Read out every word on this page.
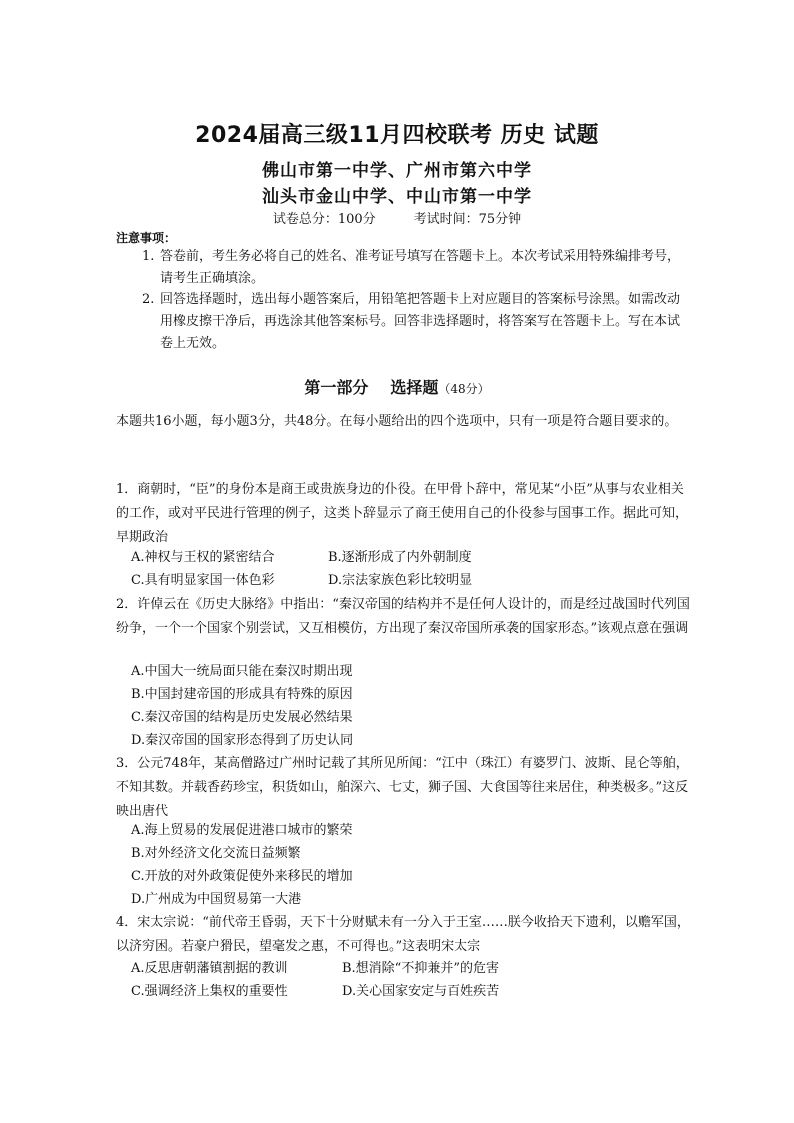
2024届高三级11月四校联考 历史 试题
佛山市第一中学、广州市第六中学
汕头市金山中学、中山市第一中学
试卷总分：100分	考试时间：75分钟
注意事项：
1. 答卷前，考生务必将自己的姓名、准考证号填写在答题卡上。本次考试采用特殊编排考号，请考生正确填涂。
2. 回答选择题时，选出每小题答案后，用铅笔把答题卡上对应题目的答案标号涂黑。如需改动用橡皮擦干净后，再选涂其他答案标号。回答非选择题时，将答案写在答题卡上。写在本试卷上无效。
第一部分 选择题（48分）
本题共16小题，每小题3分，共48分。在每小题给出的四个选项中，只有一项是符合题目要求的。
1．商朝时，“臣”的身份本是商王或贵族身边的仆役。在甲骨卜辞中，常见某“小臣”从事与农业相关的工作，或对平民进行管理的例子，这类卜辞显示了商王使用自己的仆役参与国事工作。据此可知，早期政治
A.神权与王权的紧密结合	B.逐渐形成了内外朝制度
C.具有明显家国一体色彩	D.宗法家族色彩比较明显
2．许倬云在《历史大脉络》中指出：“秦汉帝国的结构并不是任何人设计的，而是经过战国时代列国纷争，一个一个国家个别尝试，又互相模仿，方出现了秦汉帝国所承袭的国家形态。”该观点意在强调
A.中国大一统局面只能在秦汉时期出现
B.中国封建帝国的形成具有特殊的原因
C.秦汉帝国的结构是历史发展必然结果
D.秦汉帝国的国家形态得到了历史认同
3．公元748年，某高僧路过广州时记载了其所见所闻：“江中（珠江）有婆罗门、波斯、昆仑等舶，不知其数。并载香药珍宝，积货如山，舶深六、七丈，狮子国、大食国等往来居住，种类极多。”这反映出唐代
A.海上贸易的发展促进港口城市的繁荣
B.对外经济文化交流日益频繁
C.开放的对外政策促使外来移民的增加
D.广州成为中国贸易第一大港
4．宋太宗说：“前代帝王昏弱，天下十分财赋未有一分入于王室……朕今收拾天下遗利，以赡军国，以济穷困。若豪户猾民，望毫发之惠，不可得也。”这表明宋太宗
A.反思唐朝藩镇割据的教训	B.想消除“不抑兼并”的危害
C.强调经济上集权的重要性	D.关心国家安定与百姓疾苦
